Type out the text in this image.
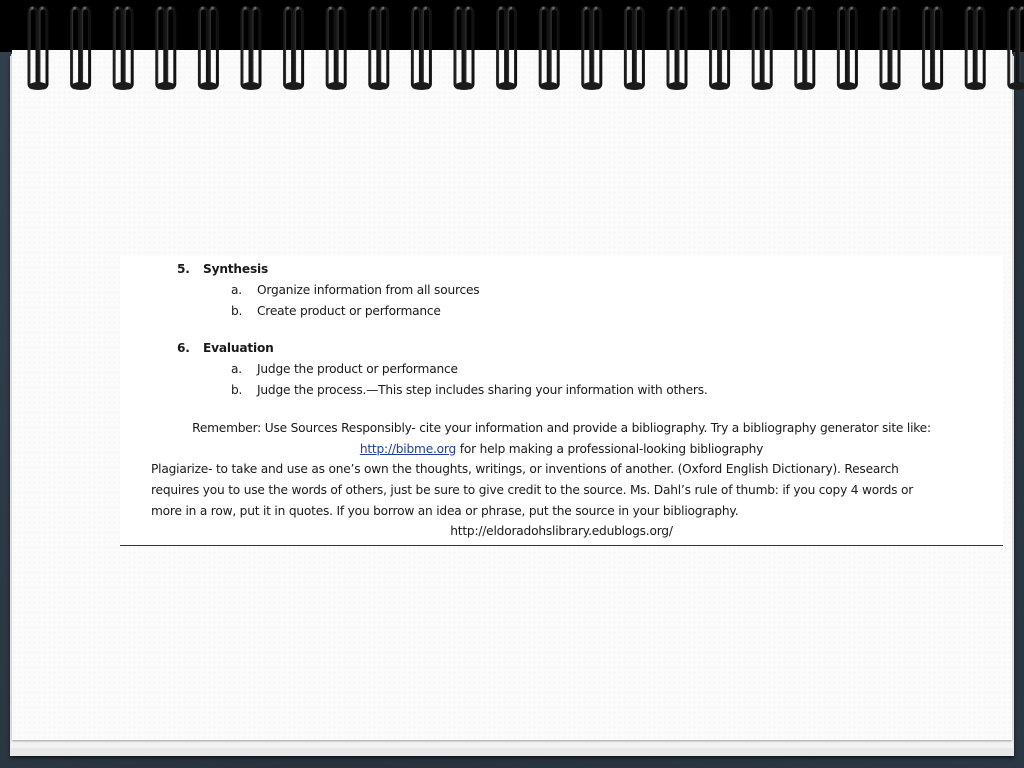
5. Synthesis
a. Organize information from all sources
b. Create product or performance
6. Evaluation
a. Judge the product or performance
b. Judge the process.—This step includes sharing your information with others.
Remember: Use Sources Responsibly- cite your information and provide a bibliography. Try a bibliography generator site like:
http://bibme.org for help making a professional-looking bibliography
Plagiarize- to take and use as one’s own the thoughts, writings, or inventions of another. (Oxford English Dictionary). Research
requires you to use the words of others, just be sure to give credit to the source. Ms. Dahl’s rule of thumb: if you copy 4 words or
more in a row, put it in quotes. If you borrow an idea or phrase, put the source in your bibliography.
http://eldoradohslibrary.edublogs.org/
